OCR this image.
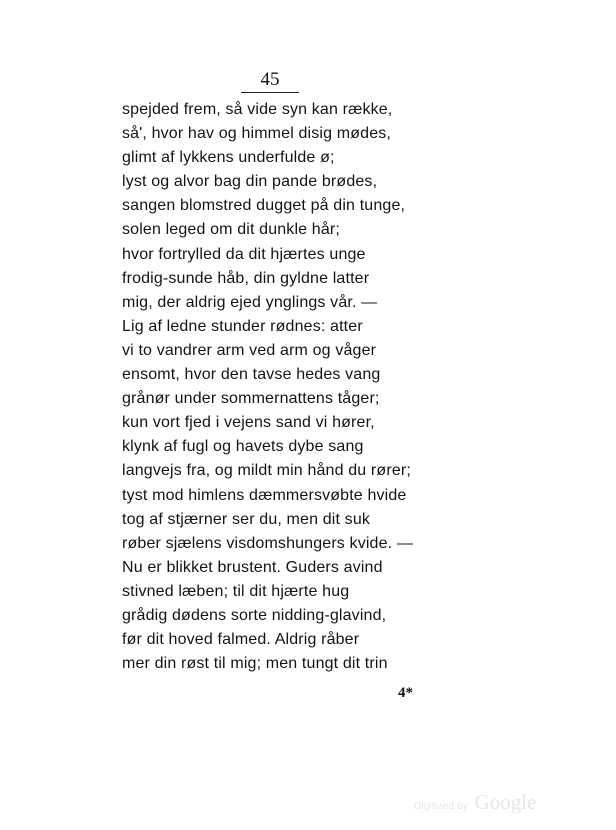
45
spejded frem, så vide syn kan række,
så', hvor hav og himmel disig mødes,
glimt af lykkens underfulde ø;
lyst og alvor bag din pande brødes,
sangen blomstred dugget på din tunge,
solen leged om dit dunkle hår;
hvor fortrylled da dit hjærtes unge
frodig-sunde håb, din gyldne latter
mig, der aldrig ejed ynglings vår. —
Lig af ledne stunder rødnes: atter
vi to vandrer arm ved arm og våger
ensomt, hvor den tavse hedes vang
grånør under sommernattens tåger;
kun vort fjed i vejens sand vi hører,
klynk af fugl og havets dybe sang
langvejs fra, og mildt min hånd du rører;
tyst mod himlens dæmmersvøbte hvide
tog af stjærner ser du, men dit suk
røber sjælens visdomshungers kvide. —
Nu er blikket brustent. Guders avind
stivned læben; til dit hjærte hug
grådig dødens sorte nidding-glavind,
før dit hoved falmed. Aldrig råber
mer din røst til mig; men tungt dit trin
4*
Digitized by Google
